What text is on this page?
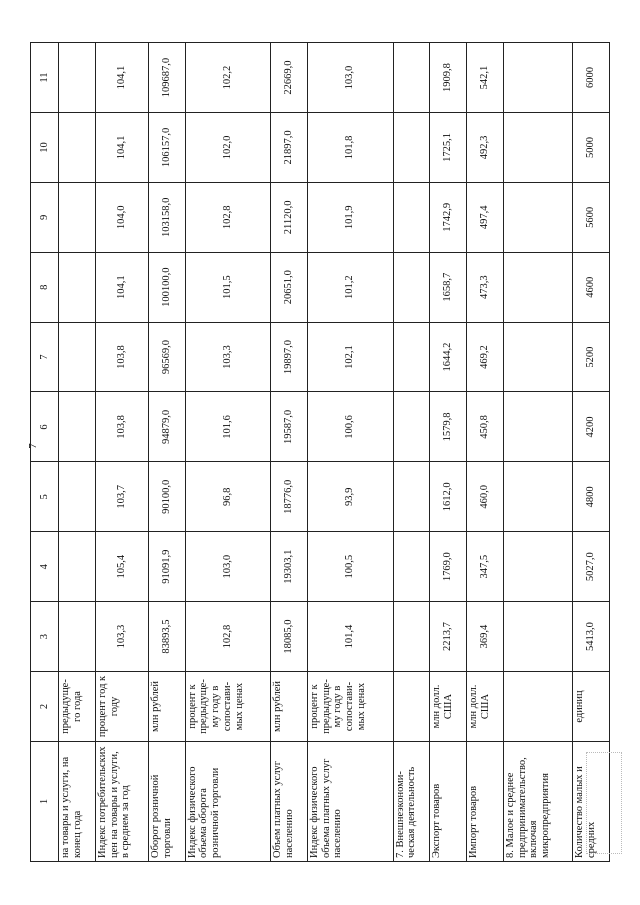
7
1	2	3	4	5	6	7	8	9	10	11
на товары и услуги, на конец года	предыдуще-го года									
Индекс потребительских цен на товары и услуги, в среднем за год	процент год к году	103,3	105,4	103,7	103,8	103,8	104,1	104,0	104,1	104,1
Оборот розничной торговли	млн рублей	83893,5	91091,9	90100,0	94879,0	96569,0	100100,0	103158,0	106157,0	109687,0
Индекс физического объема оборота розничной торговли	процент к предыдуще-му году в сопостави-мых ценах	102,8	103,0	96,8	101,6	103,3	101,5	102,8	102,0	102,2
Объем платных услуг населению	млн рублей	18085,0	19303,1	18776,0	19587,0	19897,0	20651,0	21120,0	21897,0	22669,0
Индекс физического объема платных услуг населению	процент к предыдуще-му году в сопостави-мых ценах	101,4	100,5	93,9	100,6	102,1	101,2	101,9	101,8	103,0
7. Внешнеэкономи-ческая деятельность										
Экспорт товаров	млн долл. США	2213,7	1769,0	1612,0	1579,8	1644,2	1658,7	1742,9	1725,1	1909,8
Импорт товаров	млн долл. США	369,4	347,5	460,0	450,8	469,2	473,3	497,4	492,3	542,1
8. Малое и среднее предпринимательство, включая микропредприятия										
Количество малых и средних	единиц	5413,0	5027,0	4800	4200	5200	4600	5600	5000	6000
